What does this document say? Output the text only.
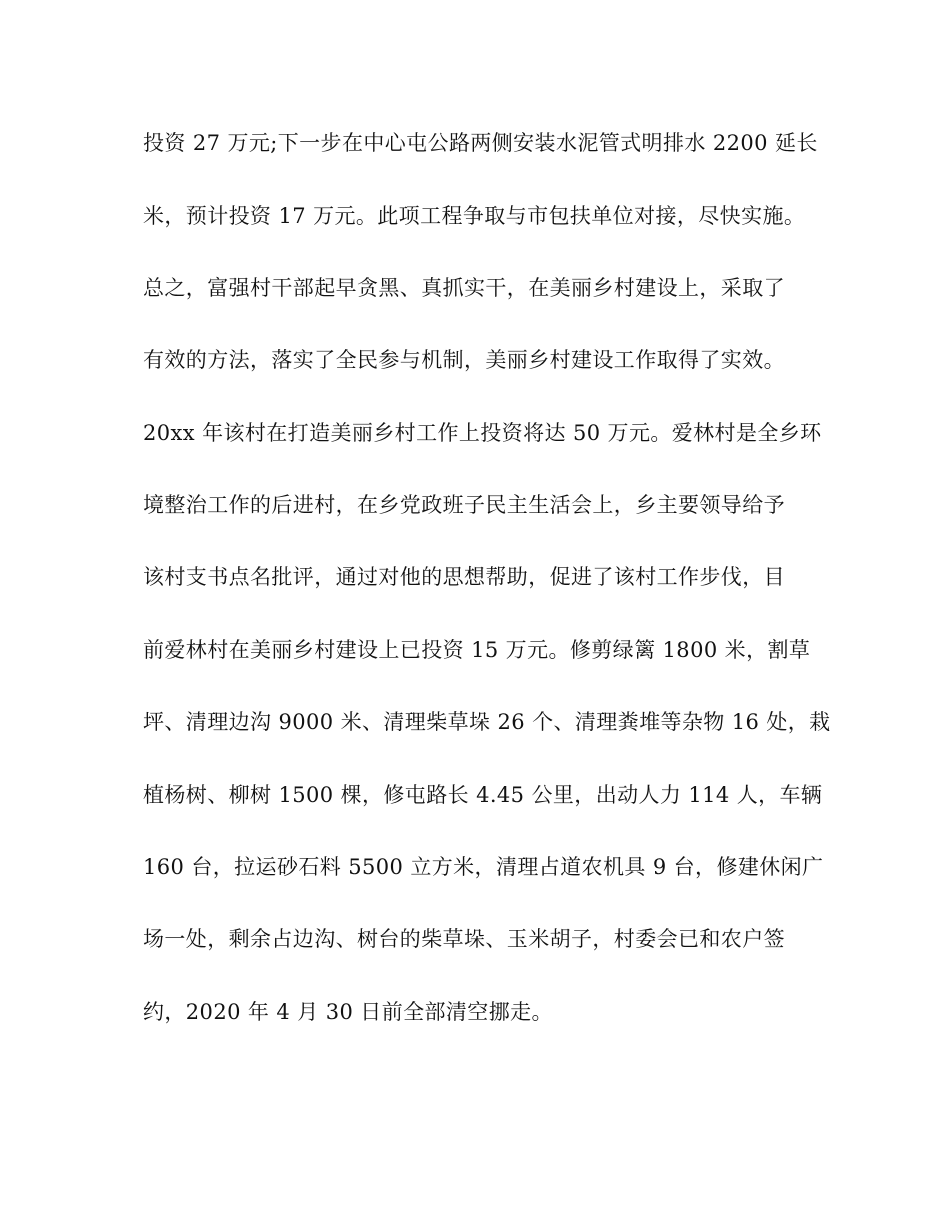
投资 27 万元;下一步在中心屯公路两侧安装水泥管式明排水 2200 延长
米，预计投资 17 万元。此项工程争取与市包扶单位对接，尽快实施。
总之，富强村干部起早贪黑、真抓实干，在美丽乡村建设上，采取了
有效的方法，落实了全民参与机制，美丽乡村建设工作取得了实效。
20xx 年该村在打造美丽乡村工作上投资将达 50 万元。爱林村是全乡环
境整治工作的后进村，在乡党政班子民主生活会上，乡主要领导给予
该村支书点名批评，通过对他的思想帮助，促进了该村工作步伐，目
前爱林村在美丽乡村建设上已投资 15 万元。修剪绿篱 1800 米，割草
坪、清理边沟 9000 米、清理柴草垛 26 个、清理粪堆等杂物 16 处，栽
植杨树、柳树 1500 棵，修屯路长 4.45 公里，出动人力 114 人，车辆
160 台，拉运砂石料 5500 立方米，清理占道农机具 9 台，修建休闲广
场一处，剩余占边沟、树台的柴草垛、玉米胡子，村委会已和农户签
约，2020 年 4 月 30 日前全部清空挪走。
